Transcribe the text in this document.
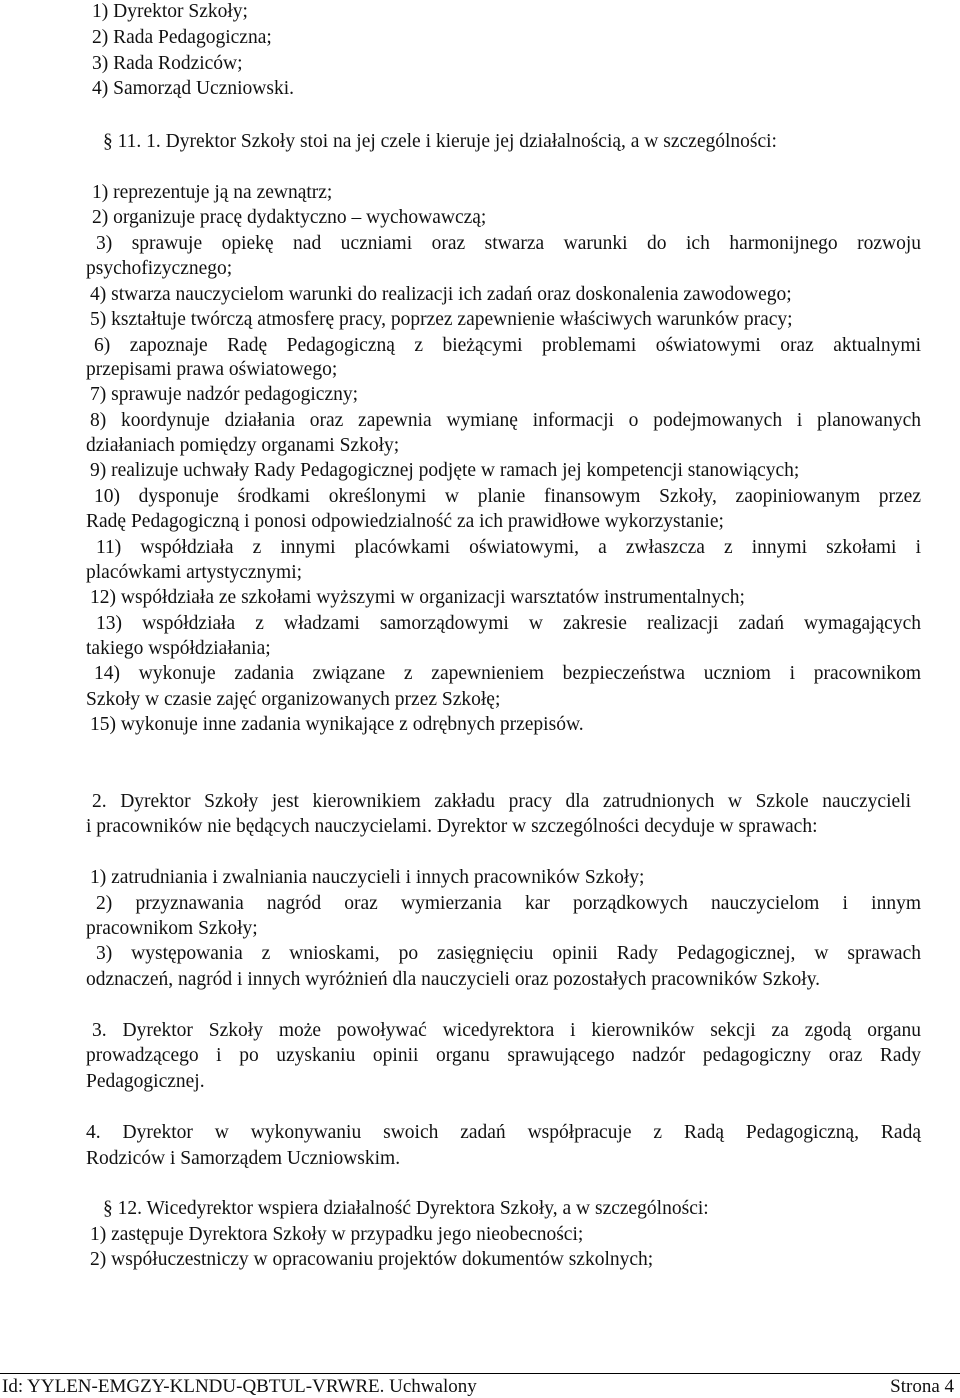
1) Dyrektor Szkoły;
2) Rada Pedagogiczna;
3) Rada Rodziców;
4) Samorząd Uczniowski.
§ 11. 1. Dyrektor Szkoły stoi na jej czele i kieruje jej działalnością, a w szczególności:
1) reprezentuje ją na zewnątrz;
2) organizuje pracę dydaktyczno – wychowawczą;
3) sprawuje opiekę nad uczniami oraz stwarza warunki do ich harmonijnego rozwoju
psychofizycznego;
4) stwarza nauczycielom warunki do realizacji ich zadań oraz doskonalenia zawodowego;
5) kształtuje twórczą atmosferę pracy, poprzez zapewnienie właściwych warunków pracy;
6) zapoznaje Radę Pedagogiczną z bieżącymi problemami oświatowymi oraz aktualnymi
przepisami prawa oświatowego;
7) sprawuje nadzór pedagogiczny;
8) koordynuje działania oraz zapewnia wymianę informacji o podejmowanych i planowanych
działaniach pomiędzy organami Szkoły;
9) realizuje uchwały Rady Pedagogicznej podjęte w ramach jej kompetencji stanowiących;
10) dysponuje środkami określonymi w planie finansowym Szkoły, zaopiniowanym przez
Radę Pedagogiczną i ponosi odpowiedzialność za ich prawidłowe wykorzystanie;
11) współdziała z innymi placówkami oświatowymi, a zwłaszcza z innymi szkołami i
placówkami artystycznymi;
12) współdziała ze szkołami wyższymi w organizacji warsztatów instrumentalnych;
13) współdziała z władzami samorządowymi w zakresie realizacji zadań wymagających
takiego współdziałania;
14) wykonuje zadania związane z zapewnieniem bezpieczeństwa uczniom i pracownikom
Szkoły w czasie zajęć organizowanych przez Szkołę;
15) wykonuje inne zadania wynikające z odrębnych przepisów.
2. Dyrektor Szkoły jest kierownikiem zakładu pracy dla zatrudnionych w Szkole nauczycieli
i pracowników nie będących nauczycielami. Dyrektor w szczególności decyduje w sprawach:
1) zatrudniania i zwalniania nauczycieli i innych pracowników Szkoły;
2) przyznawania nagród oraz wymierzania kar porządkowych nauczycielom i innym
pracownikom Szkoły;
3) występowania z wnioskami, po zasięgnięciu opinii Rady Pedagogicznej, w sprawach
odznaczeń, nagród i innych wyróżnień dla nauczycieli oraz pozostałych pracowników Szkoły.
3. Dyrektor Szkoły może powoływać wicedyrektora i kierowników sekcji za zgodą organu
prowadzącego i po uzyskaniu opinii organu sprawującego nadzór pedagogiczny oraz Rady
Pedagogicznej.
4. Dyrektor w wykonywaniu swoich zadań współpracuje z Radą Pedagogiczną, Radą
Rodziców i Samorządem Uczniowskim.
§ 12. Wicedyrektor wspiera działalność Dyrektora Szkoły, a w szczególności:
1) zastępuje Dyrektora Szkoły w przypadku jego nieobecności;
2) współuczestniczy w opracowaniu projektów dokumentów szkolnych;
Id: YYLEN-EMGZY-KLNDU-QBTUL-VRWRE. Uchwalony	Strona 4
